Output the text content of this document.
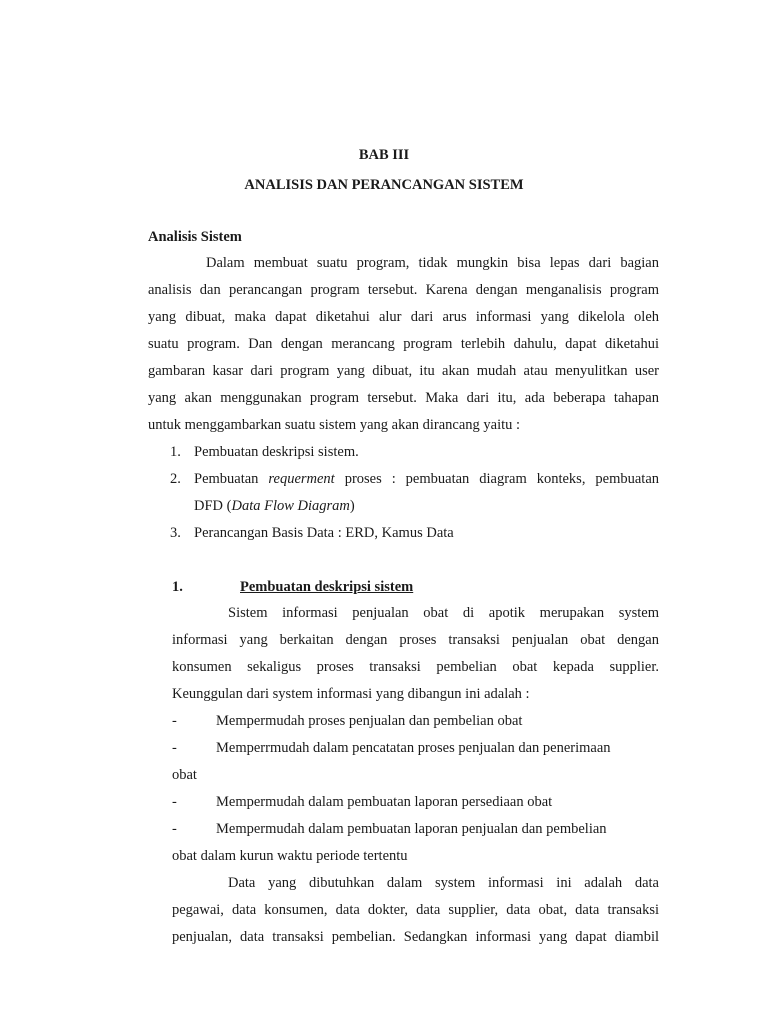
BAB III
ANALISIS DAN PERANCANGAN SISTEM
Analisis Sistem
Dalam membuat suatu program, tidak mungkin bisa lepas dari bagian
analisis dan perancangan program tersebut. Karena dengan menganalisis program
yang dibuat, maka dapat diketahui alur dari arus informasi yang dikelola oleh
suatu program. Dan dengan merancang program terlebih dahulu, dapat diketahui
gambaran kasar dari program yang dibuat, itu akan mudah atau menyulitkan user
yang akan menggunakan program tersebut. Maka dari itu, ada beberapa tahapan
untuk menggambarkan suatu sistem yang akan dirancang yaitu :
1. Pembuatan deskripsi sistem.
2. Pembuatan requerment proses : pembuatan diagram konteks, pembuatan
DFD (Data Flow Diagram)
3. Perancangan Basis Data : ERD, Kamus Data
1.	Pembuatan deskripsi sistem
Sistem informasi penjualan obat di apotik merupakan system
informasi yang berkaitan dengan proses transaksi penjualan obat dengan
konsumen sekaligus proses transaksi pembelian obat kepada supplier.
Keunggulan dari system informasi yang dibangun ini adalah :
-	Mempermudah proses penjualan dan pembelian obat
-	Memperrmudah dalam pencatatan proses penjualan dan penerimaan
obat
-	Mempermudah dalam pembuatan laporan persediaan obat
-	Mempermudah dalam pembuatan laporan penjualan dan pembelian
obat dalam kurun waktu periode tertentu
Data yang dibutuhkan dalam system informasi ini adalah data
pegawai, data konsumen, data dokter, data supplier, data obat, data transaksi
penjualan, data transaksi pembelian. Sedangkan informasi yang dapat diambil
